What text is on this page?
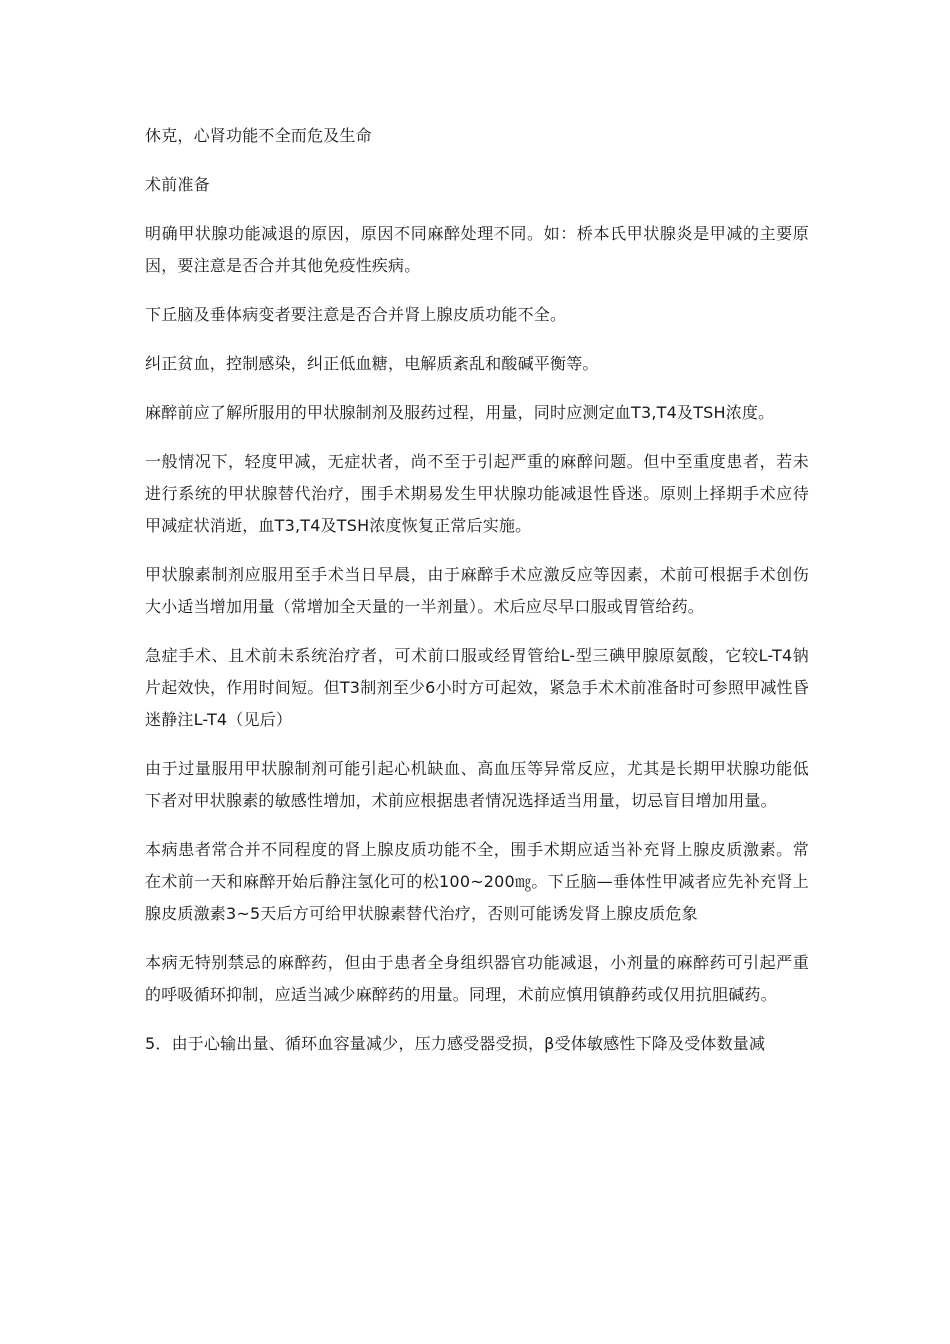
休克，心肾功能不全而危及生命

术前准备

明确甲状腺功能减退的原因，原因不同麻醉处理不同。如：桥本氏甲状腺炎是甲减的主要原因，要注意是否合并其他免疫性疾病。

下丘脑及垂体病变者要注意是否合并肾上腺皮质功能不全。

纠正贫血，控制感染，纠正低血糖，电解质紊乱和酸碱平衡等。

麻醉前应了解所服用的甲状腺制剂及服药过程，用量，同时应测定血T3,T4及TSH浓度。

一般情况下，轻度甲减，无症状者，尚不至于引起严重的麻醉问题。但中至重度患者，若未进行系统的甲状腺替代治疗，围手术期易发生甲状腺功能减退性昏迷。原则上择期手术应待甲减症状消逝，血T3,T4及TSH浓度恢复正常后实施。

甲状腺素制剂应服用至手术当日早晨，由于麻醉手术应激反应等因素，术前可根据手术创伤大小适当增加用量（常增加全天量的一半剂量）。术后应尽早口服或胃管给药。

急症手术、且术前未系统治疗者，可术前口服或经胃管给L-型三碘甲腺原氨酸，它较L-T4钠片起效快，作用时间短。但T3制剂至少6小时方可起效，紧急手术术前准备时可参照甲减性昏迷静注L-T4（见后）

由于过量服用甲状腺制剂可能引起心机缺血、高血压等异常反应，尤其是长期甲状腺功能低下者对甲状腺素的敏感性增加，术前应根据患者情况选择适当用量，切忌盲目增加用量。

本病患者常合并不同程度的肾上腺皮质功能不全，围手术期应适当补充肾上腺皮质激素。常在术前一天和麻醉开始后静注氢化可的松100~200㎎。下丘脑—垂体性甲减者应先补充肾上腺皮质激素3~5天后方可给甲状腺素替代治疗，否则可能诱发肾上腺皮质危象

本病无特别禁忌的麻醉药，但由于患者全身组织器官功能减退，小剂量的麻醉药可引起严重的呼吸循环抑制，应适当减少麻醉药的用量。同理，术前应慎用镇静药或仅用抗胆碱药。

5．由于心输出量、循环血容量减少，压力感受器受损，β受体敏感性下降及受体数量减
